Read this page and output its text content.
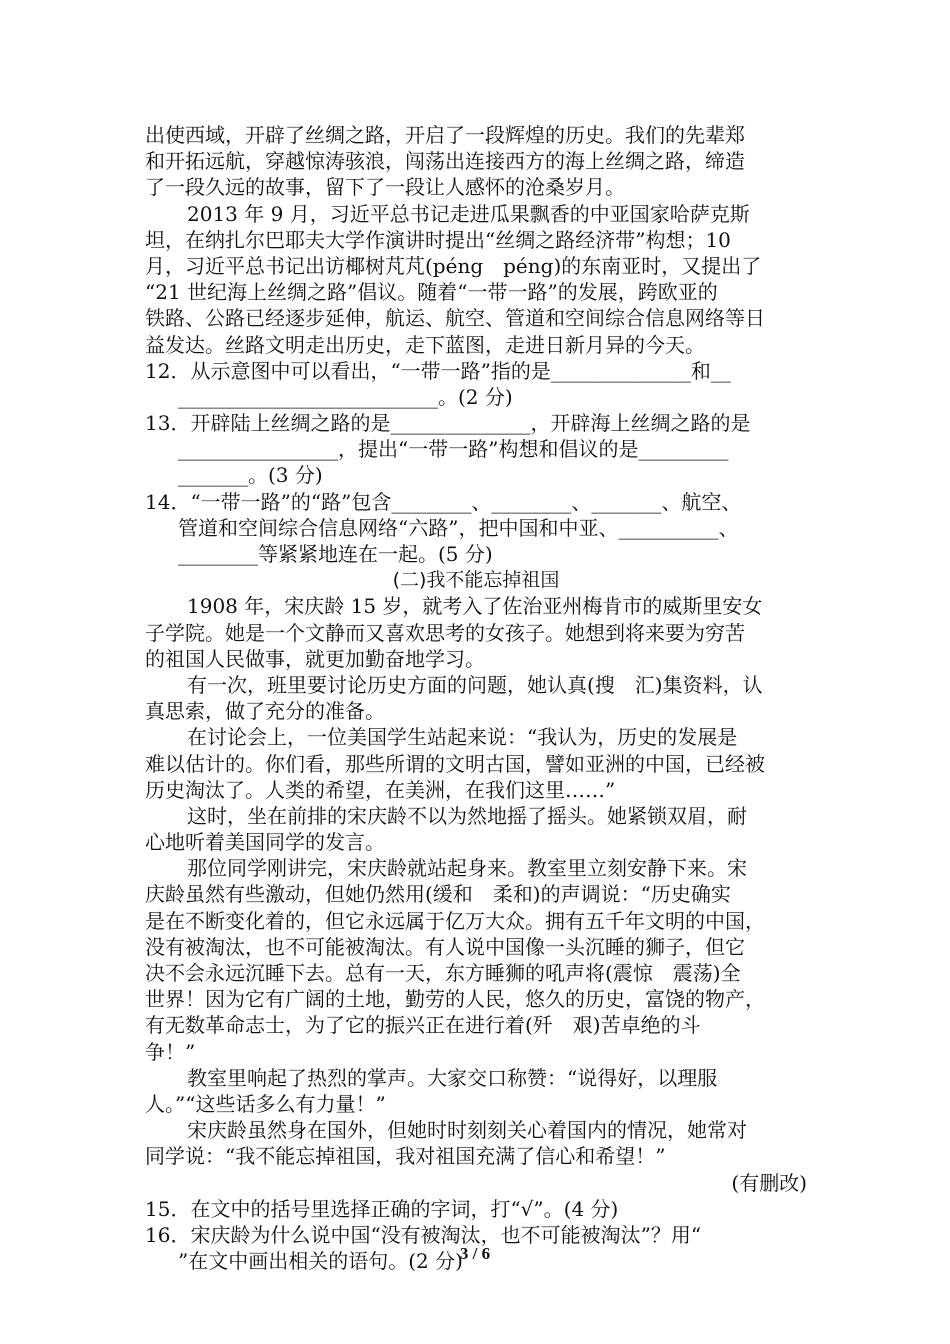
出使西域，开辟了丝绸之路，开启了一段辉煌的历史。我们的先辈郑
和开拓远航，穿越惊涛骇浪，闯荡出连接西方的海上丝绸之路，缔造
了一段久远的故事，留下了一段让人感怀的沧桑岁月。
2013 年 9 月，习近平总书记走进瓜果飘香的中亚国家哈萨克斯
坦，在纳扎尔巴耶夫大学作演讲时提出“丝绸之路经济带”构想；10
月，习近平总书记出访椰树芃芃(péng　péng)的东南亚时，又提出了
“21 世纪海上丝绸之路”倡议。随着“一带一路”的发展，跨欧亚的
铁路、公路已经逐步延伸，航运、航空、管道和空间综合信息网络等日
益发达。丝路文明走出历史，走下蓝图，走进日新月异的今天。
12．从示意图中可以看出，“一带一路”指的是______________和__
__________________________。(2 分)
13．开辟陆上丝绸之路的是______________，开辟海上丝绸之路的是
________________，提出“一带一路”构想和倡议的是_________
_______。(3 分)
14．“一带一路”的“路”包含________、________、_______、航空、
管道和空间综合信息网络“六路”，把中国和中亚、__________、
________等紧紧地连在一起。(5 分)
(二)我不能忘掉祖国
1908 年，宋庆龄 15 岁，就考入了佐治亚州梅肯市的威斯里安女
子学院。她是一个文静而又喜欢思考的女孩子。她想到将来要为穷苦
的祖国人民做事，就更加勤奋地学习。
有一次，班里要讨论历史方面的问题，她认真(搜　汇)集资料，认
真思索，做了充分的准备。
在讨论会上，一位美国学生站起来说：“我认为，历史的发展是
难以估计的。你们看，那些所谓的文明古国，譬如亚洲的中国，已经被
历史淘汰了。人类的希望，在美洲，在我们这里……”
这时，坐在前排的宋庆龄不以为然地摇了摇头。她紧锁双眉，耐
心地听着美国同学的发言。
那位同学刚讲完，宋庆龄就站起身来。教室里立刻安静下来。宋
庆龄虽然有些激动，但她仍然用(缓和　柔和)的声调说：“历史确实
是在不断变化着的，但它永远属于亿万大众。拥有五千年文明的中国，
没有被淘汰，也不可能被淘汰。有人说中国像一头沉睡的狮子，但它
决不会永远沉睡下去。总有一天，东方睡狮的吼声将(震惊　震荡)全
世界！因为它有广阔的土地，勤劳的人民，悠久的历史，富饶的物产，
有无数革命志士，为了它的振兴正在进行着(歼　艰)苦卓绝的斗
争！”
教室里响起了热烈的掌声。大家交口称赞：“说得好，以理服
人。”“这些话多么有力量！”
宋庆龄虽然身在国外，但她时时刻刻关心着国内的情况，她常对
同学说：“我不能忘掉祖国，我对祖国充满了信心和希望！”
(有删改)
15．在文中的括号里选择正确的字词，打“√”。(4 分)
16．宋庆龄为什么说中国“没有被淘汰，也不可能被淘汰”？用“
”在文中画出相关的语句。(2 分)
3 / 6
